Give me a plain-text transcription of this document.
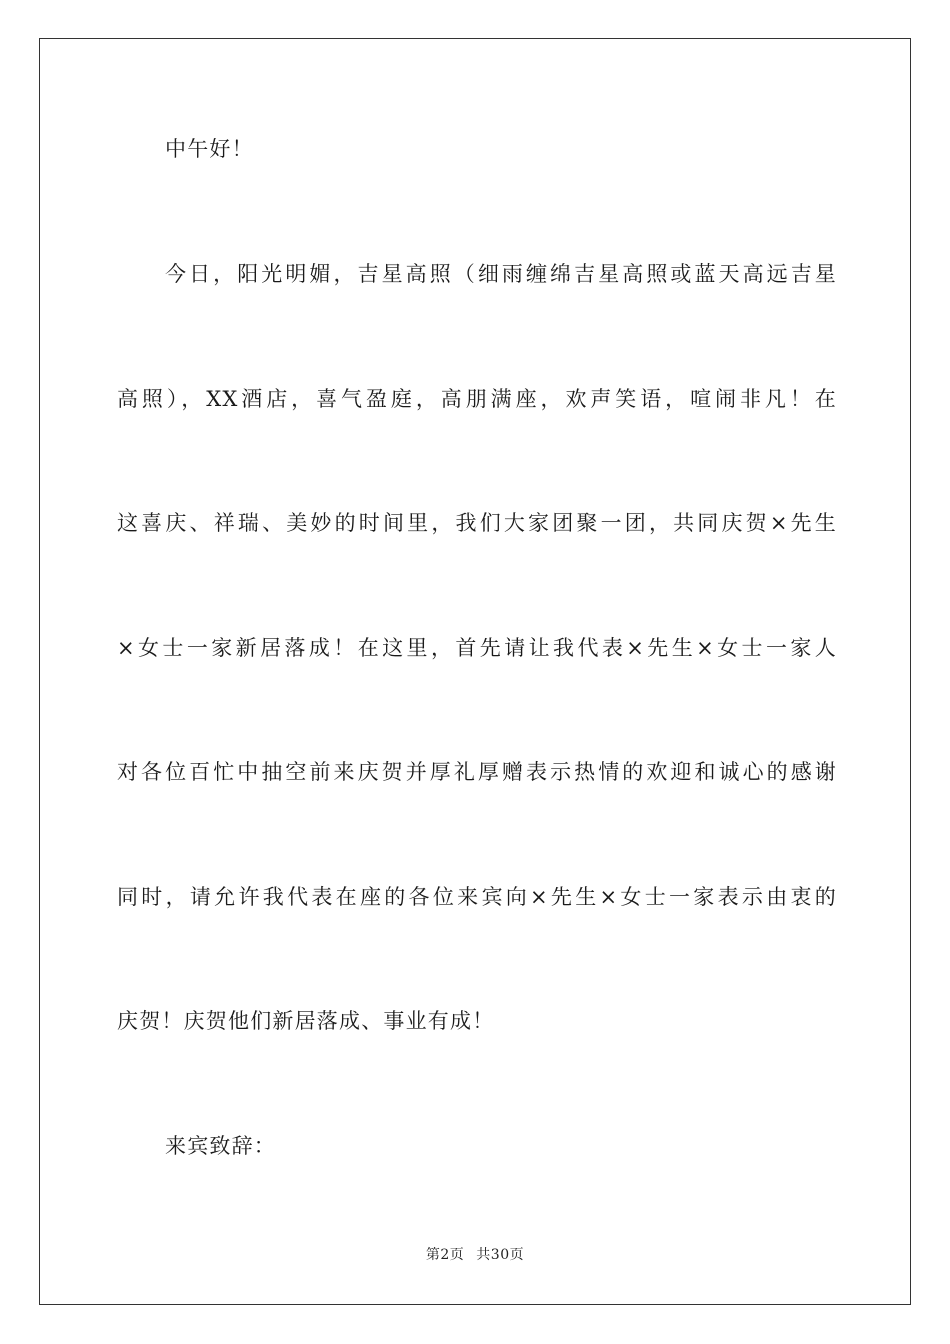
中午好！
今日，阳光明媚，吉星高照（细雨缠绵吉星高照或蓝天高远吉星
高照），XX酒店，喜气盈庭，高朋满座，欢声笑语，喧闹非凡！在
这喜庆、祥瑞、美妙的时间里，我们大家团聚一团，共同庆贺×先生
×女士一家新居落成！在这里，首先请让我代表×先生×女士一家人
对各位百忙中抽空前来庆贺并厚礼厚赠表示热情的欢迎和诚心的感谢
同时，请允许我代表在座的各位来宾向×先生×女士一家表示由衷的
庆贺！庆贺他们新居落成、事业有成！
来宾致辞：
第2页 共30页
